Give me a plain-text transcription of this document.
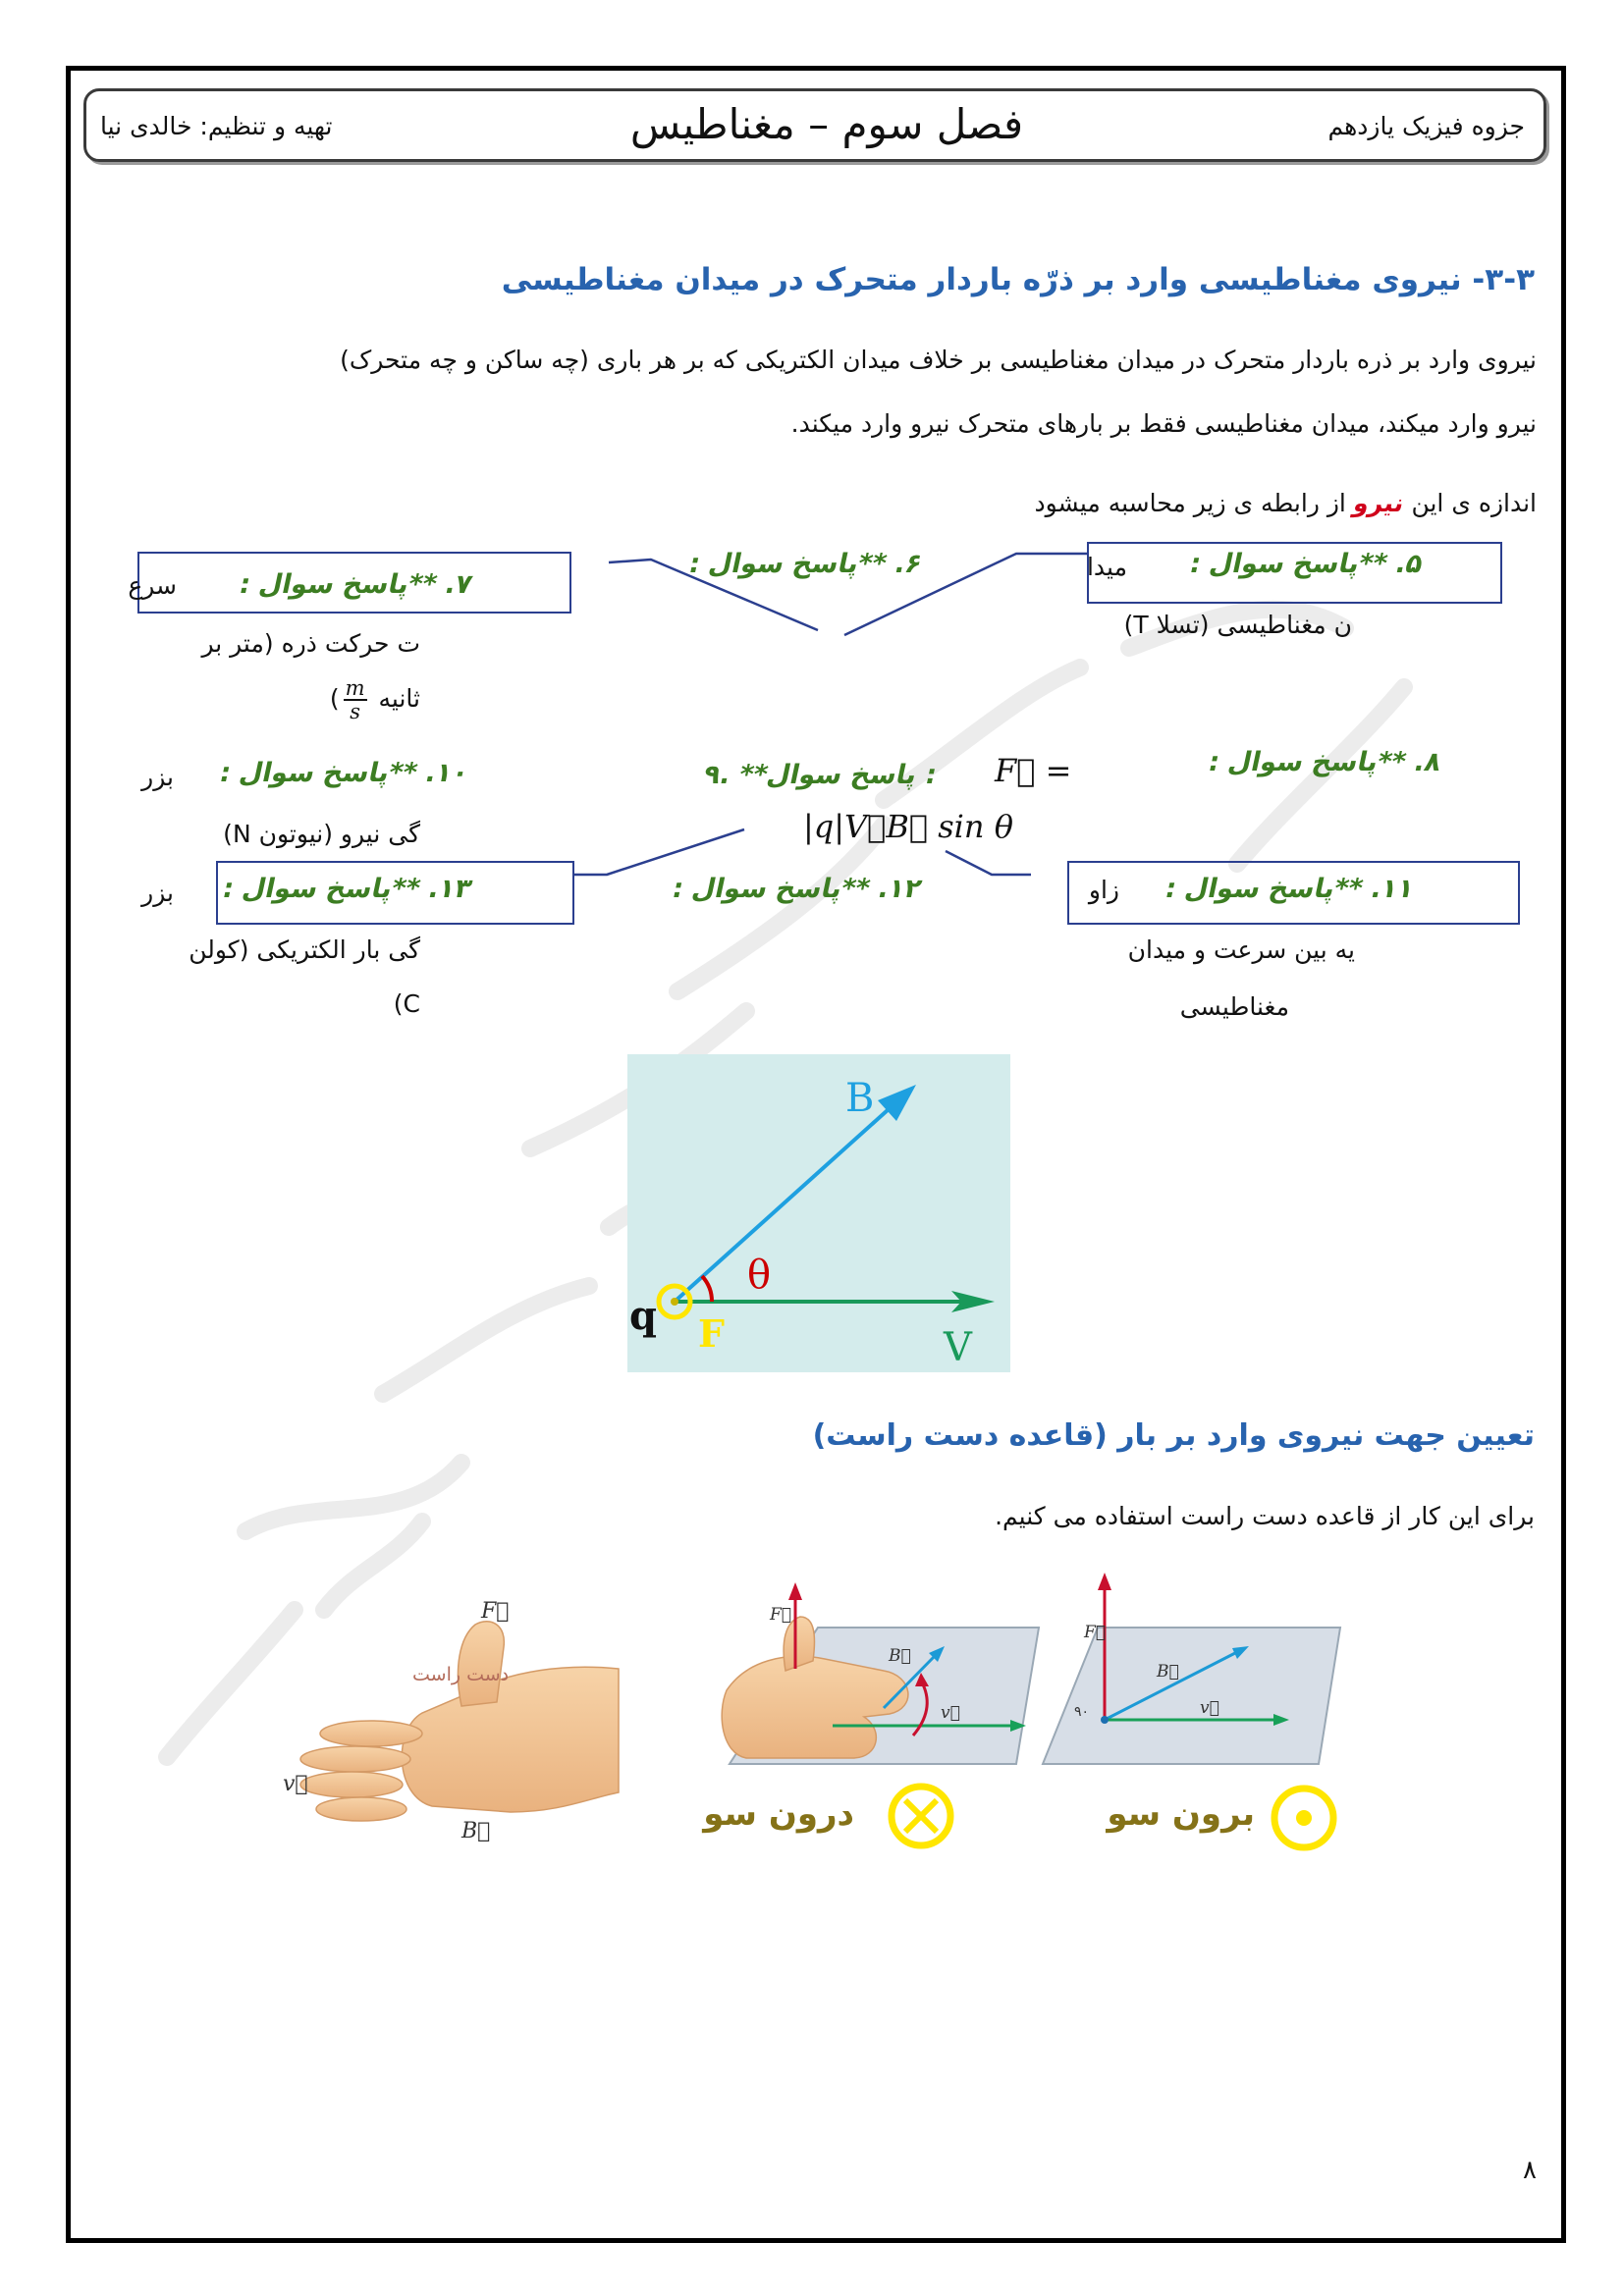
جزوه فیزیک یازدهم
فصل سوم – مغناطیس
تهیه و تنظیم: خالدی نیا
۳-۳- نیروی مغناطیسی وارد بر ذرّه باردار متحرک در میدان مغناطیسی
نیروی وارد بر ذره باردار متحرک در میدان مغناطیسی بر خلاف میدان الکتریکی که بر هر باری (چه ساکن و چه متحرک)
نیرو وارد میکند، میدان مغناطیسی فقط بر بارهای متحرک نیرو وارد میکند.
اندازه ی این نیرو از رابطه ی زیر محاسبه میشود
۵. **پاسخ سوال :
میدا
ن مغناطیسی (تسلا T)
۶. **پاسخ سوال :
۷. **پاسخ سوال :
سرع
ت حرکت ذره (متر بر
ثانیه
$\frac{m}{s}$
)
۸. **پاسخ سوال :
۹. **پاسخ سوال : F⃗ =
|q|V⃗B⃗ sin θ
۱۰. **پاسخ سوال :
بزر
گی نیرو (نیوتون N)
۱۱. **پاسخ سوال :
زاو
یه بین سرعت و میدان
مغناطیسی
۱۲. **پاسخ سوال :
۱۳. **پاسخ سوال :
بزر
گی بار الکتریکی (کولن
C)
B
V
θ
q F
تعیین جهت نیروی وارد بر بار (قاعده دست راست)
برای این کار از قاعده دست راست استفاده می کنیم.
دست راست
F⃗
v⃗
B⃗
F⃗
B⃗
v⃗
F⃗
B⃗
v⃗
۹۰
درون سو	برون سو
۸
